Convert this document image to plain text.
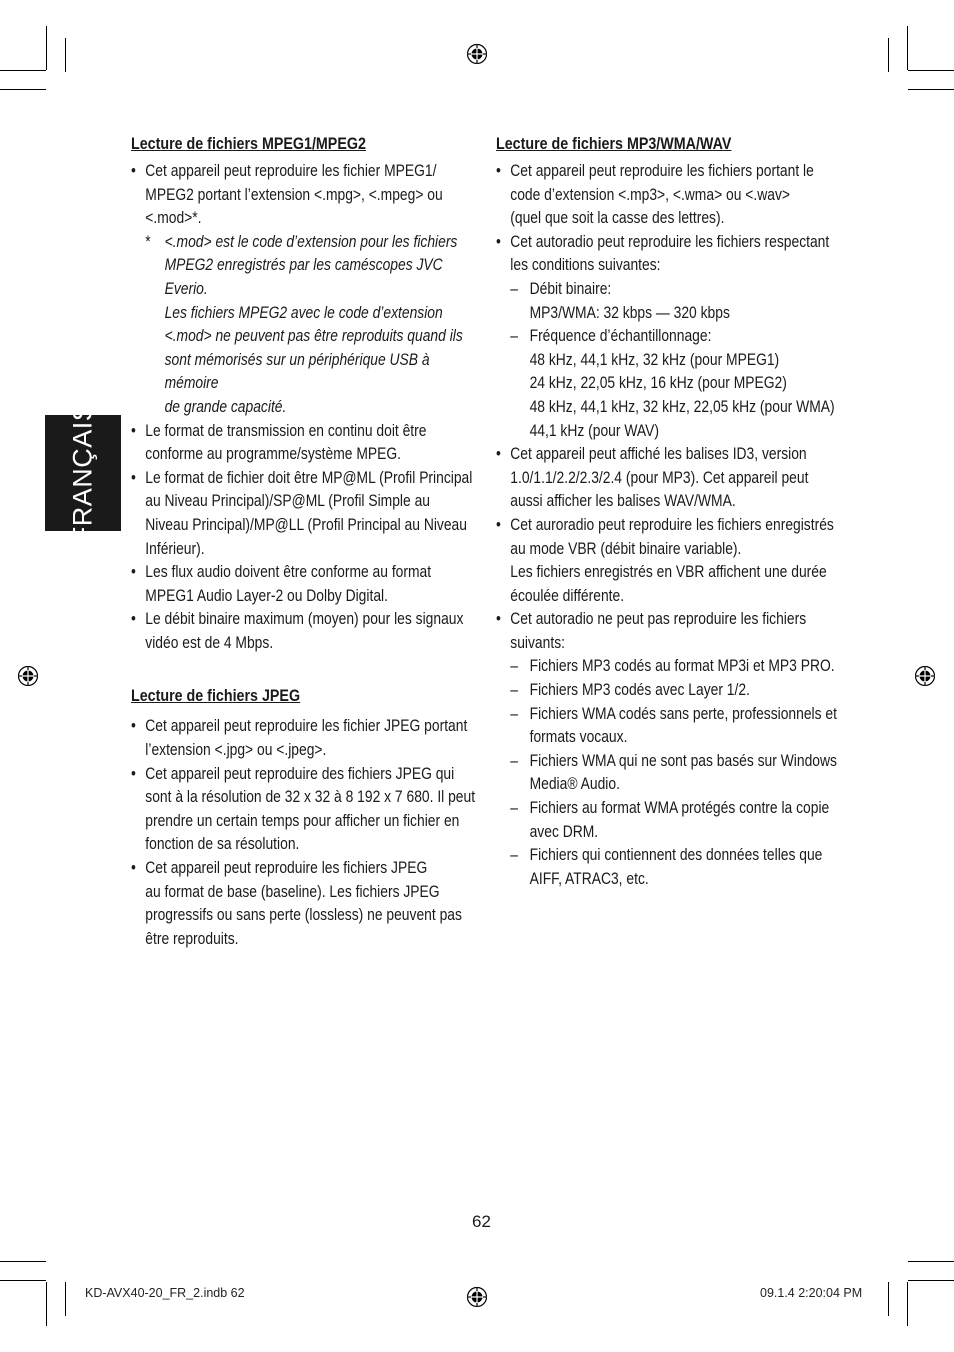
FRANÇAIS
Lecture de fichiers MPEG1/MPEG2
• Cet appareil peut reproduire les fichier MPEG1/
MPEG2 portant l’extension <.mpg>, <.mpeg> ou
<.mod>*.
* <.mod> est le code d’extension pour les fichiers
MPEG2 enregistrés par les caméscopes JVC Everio.
Les fichiers MPEG2 avec le code d’extension
<.mod> ne peuvent pas être reproduits quand ils
sont mémorisés sur un périphérique USB à mémoire
de grande capacité.
• Le format de transmission en continu doit être
conforme au programme/système MPEG.
• Le format de fichier doit être MP@ML (Profil Principal
au Niveau Principal)/SP@ML (Profil Simple au
Niveau Principal)/MP@LL (Profil Principal au Niveau
Inférieur).
• Les flux audio doivent être conforme au format
MPEG1 Audio Layer-2 ou Dolby Digital.
• Le débit binaire maximum (moyen) pour les signaux
vidéo est de 4 Mbps.
Lecture de fichiers JPEG
• Cet appareil peut reproduire les fichier JPEG portant
l’extension <.jpg> ou <.jpeg>.
• Cet appareil peut reproduire des fichiers JPEG qui
sont à la résolution de 32 x 32 à 8 192 x 7 680. Il peut
prendre un certain temps pour afficher un fichier en
fonction de sa résolution.
• Cet appareil peut reproduire les fichiers JPEG
au format de base (baseline). Les fichiers JPEG
progressifs ou sans perte (lossless) ne peuvent pas
être reproduits.
Lecture de fichiers MP3/WMA/WAV
• Cet appareil peut reproduire les fichiers portant le
code d’extension <.mp3>, <.wma> ou <.wav>
(quel que soit la casse des lettres).
• Cet autoradio peut reproduire les fichiers respectant
les conditions suivantes:
– Débit binaire:
MP3/WMA: 32 kbps — 320 kbps
– Fréquence d’échantillonnage:
48 kHz, 44,1 kHz, 32 kHz (pour MPEG1)
24 kHz, 22,05 kHz, 16 kHz (pour MPEG2)
48 kHz, 44,1 kHz, 32 kHz, 22,05 kHz (pour WMA)
44,1 kHz (pour WAV)
• Cet appareil peut affiché les balises ID3, version
1.0/1.1/2.2/2.3/2.4 (pour MP3). Cet appareil peut
aussi afficher les balises WAV/WMA.
• Cet auroradio peut reproduire les fichiers enregistrés
au mode VBR (débit binaire variable).
Les fichiers enregistrés en VBR affichent une durée
écoulée différente.
• Cet autoradio ne peut pas reproduire les fichiers
suivants:
– Fichiers MP3 codés au format MP3i et MP3 PRO.
– Fichiers MP3 codés avec Layer 1/2.
– Fichiers WMA codés sans perte, professionnels et
formats vocaux.
– Fichiers WMA qui ne sont pas basés sur Windows
Media® Audio.
– Fichiers au format WMA protégés contre la copie
avec DRM.
– Fichiers qui contiennent des données telles que
AIFF, ATRAC3, etc.
62
KD-AVX40-20_FR_2.indb 62	09.1.4 2:20:04 PM
